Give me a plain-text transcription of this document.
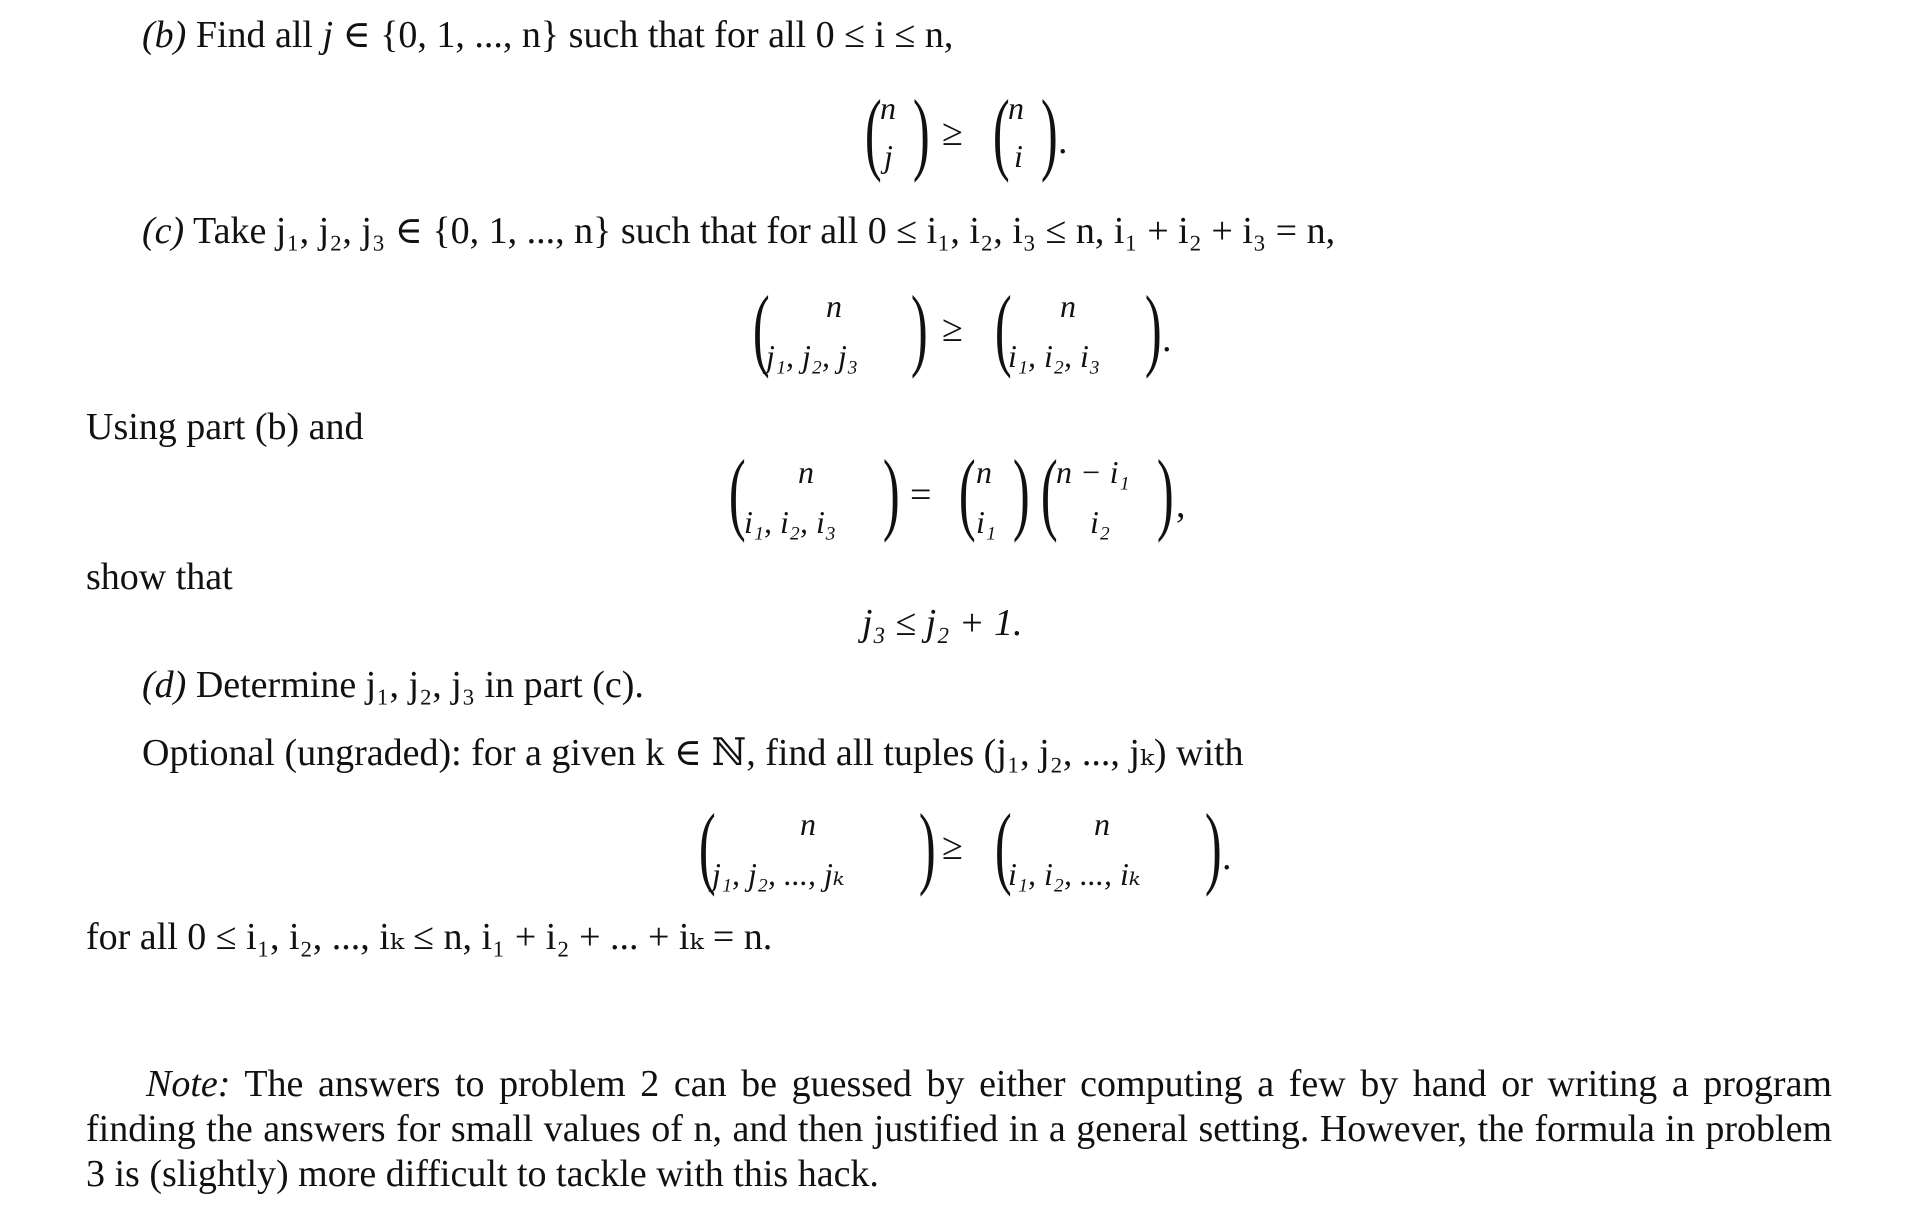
(b) Find all j ∈ {0, 1, ..., n} such that for all 0 ≤ i ≤ n,
(
n
j ) ≥ (
n
i ) .
(c) Take j₁, j₂, j₃ ∈ {0, 1, ..., n} such that for all 0 ≤ i₁, i₂, i₃ ≤ n, i₁ + i₂ + i₃ = n,
( n
j₁, j₂, j₃ ) ≥ ( n
i₁, i₂, i₃ ) .
Using part (b) and
( n
i₁, i₂, i₃ ) = ( n
i₁ ) (
n − i₁
i₂ ) ,
show that
j₃ ≤ j₂ + 1.
(d) Determine j₁, j₂, j₃ in part (c).
Optional (ungraded): for a given k ∈ ℕ, find all tuples (j₁, j₂, ..., jₖ) with
(	n
j₁, j₂, ..., jₖ ) ≥ (	n
i₁, i₂, ..., iₖ ) .
for all 0 ≤ i₁, i₂, ..., iₖ ≤ n, i₁ + i₂ + ... + iₖ = n.
Note: The answers to problem 2 can be guessed by either computing a few by hand or writing a program finding the answers for small values of n, and then justified in a general setting. However, the formula in problem 3 is (slightly) more difficult to tackle with this hack.
